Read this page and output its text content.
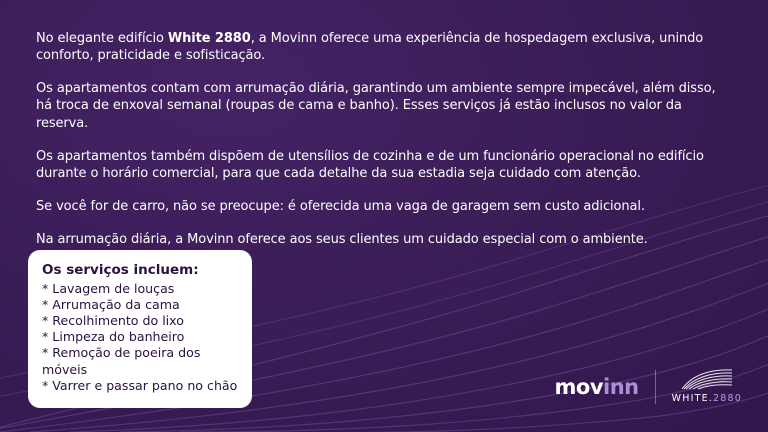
No elegante edifício White 2880, a Movinn oferece uma experiência de hospedagem exclusiva, unindo conforto, praticidade e sofisticação.

Os apartamentos contam com arrumação diária, garantindo um ambiente sempre impecável, além disso, há troca de enxoval semanal (roupas de cama e banho). Esses serviços já estão inclusos no valor da reserva.

Os apartamentos também dispõem de utensílios de cozinha e de um funcionário operacional no edifício durante o horário comercial, para que cada detalhe da sua estadia seja cuidado com atenção.

Se você for de carro, não se preocupe: é oferecida uma vaga de garagem sem custo adicional.

Na arrumação diária, a Movinn oferece aos seus clientes um cuidado especial com o ambiente.

Os serviços incluem:
* Lavagem de louças
* Arrumação da cama
* Recolhimento do lixo
* Limpeza do banheiro
* Remoção de poeira dos móveis
* Varrer e passar pano no chão	mov inn	WHITE.2880
